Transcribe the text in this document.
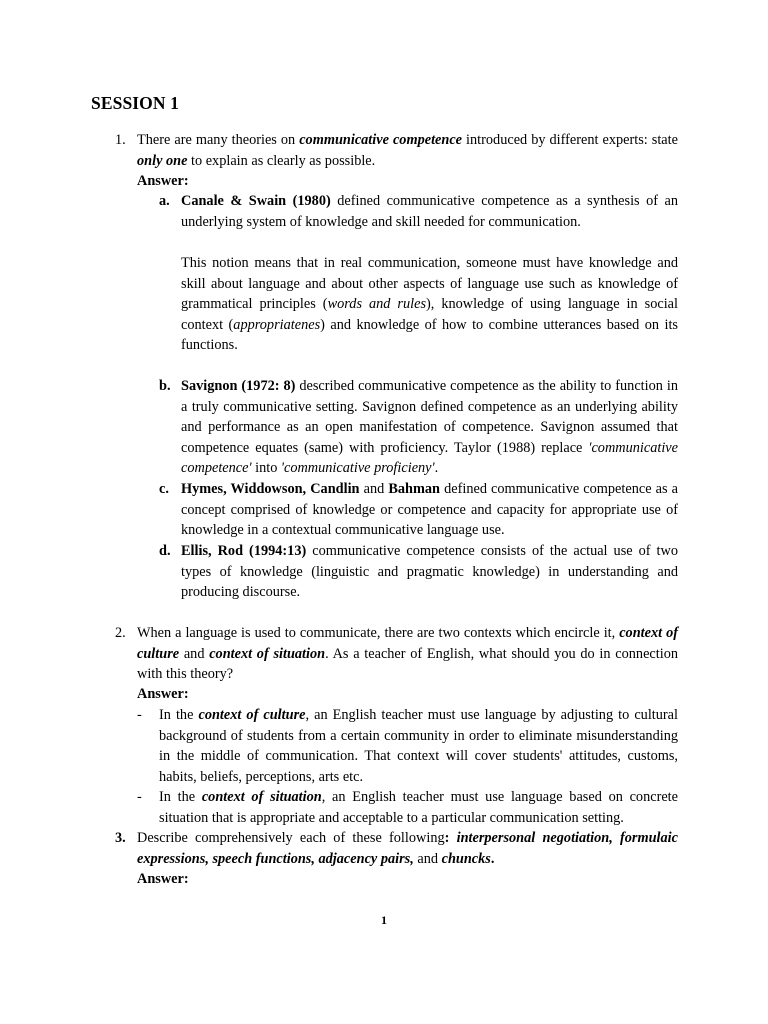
SESSION 1
1. There are many theories on communicative competence introduced by different experts: state only one to explain as clearly as possible.
Answer:
a. Canale & Swain (1980) defined communicative competence as a synthesis of an underlying system of knowledge and skill needed for communication.
This notion means that in real communication, someone must have knowledge and skill about language and about other aspects of language use such as knowledge of grammatical principles (words and rules), knowledge of using language in social context (appropriatenes) and knowledge of how to combine utterances based on its functions.
b. Savignon (1972: 8) described communicative competence as the ability to function in a truly communicative setting. Savignon defined competence as an underlying ability and performance as an open manifestation of competence. Savignon assumed that competence equates (same) with proficiency. Taylor (1988) replace 'communicative competence' into 'communicative proficieny'.
c. Hymes, Widdowson, Candlin and Bahman defined communicative competence as a concept comprised of knowledge or competence and capacity for appropriate use of knowledge in a contextual communicative language use.
d. Ellis, Rod (1994:13) communicative competence consists of the actual use of two types of knowledge (linguistic and pragmatic knowledge) in understanding and producing discourse.
2. When a language is used to communicate, there are two contexts which encircle it, context of culture and context of situation. As a teacher of English, what should you do in connection with this theory?
Answer:
- In the context of culture, an English teacher must use language by adjusting to cultural background of students from a certain community in order to eliminate misunderstanding in the middle of communication. That context will cover students' attitudes, customs, habits, beliefs, perceptions, arts etc.
- In the context of situation, an English teacher must use language based on concrete situation that is appropriate and acceptable to a particular communication setting.
3. Describe comprehensively each of these following: interpersonal negotiation, formulaic expressions, speech functions, adjacency pairs, and chuncks.
Answer:
1
